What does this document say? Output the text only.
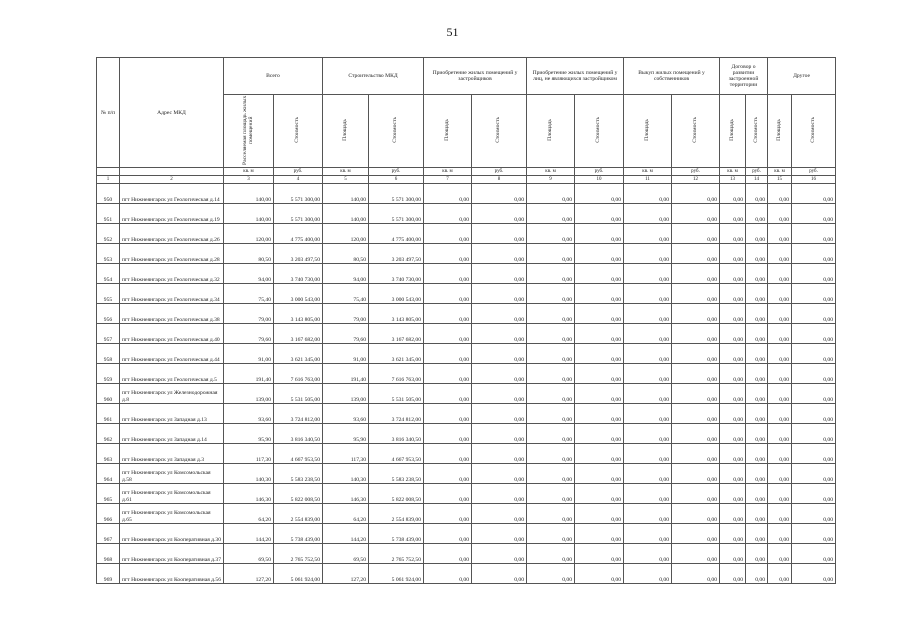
51
№ п/п	Адрес МКД	Всего		Строительство МКД		Приобретение жилых помещений у застройщиков		Приобретение жилых помещений у лиц, не являющихся застройщиком		Выкуп жилых помещений у собственников		Договор о развитии застроенной территории		Другое	
		Расселяемая площадь жилых помещений	Стоимость	Площадь	Стоимость	Площадь	Стоимость	Площадь	Стоимость	Площадь	Стоимость	Площадь	Стоимость	Площадь	Стоимость
		кв. м	руб.	кв. м	руб.	кв. м	руб.	кв. м	руб.	кв. м	руб.	кв. м	руб.	кв. м	руб.
1	2	3	4	5	6	7	8	9	10	11	12	13	14	15	16
950	пгт Нижнеянгарск ул Геологическая д.14	140,00	5 571 300,00	140,00	5 571 300,00	0,00	0,00	0,00	0,00	0,00	0,00	0,00	0,00	0,00	0,00
951	пгт Нижнеянгарск ул Геологическая д.19	140,00	5 571 300,00	140,00	5 571 300,00	0,00	0,00	0,00	0,00	0,00	0,00	0,00	0,00	0,00	0,00
952	пгт Нижнеянгарск ул Геологическая д.26	120,00	4 775 400,00	120,00	4 775 400,00	0,00	0,00	0,00	0,00	0,00	0,00	0,00	0,00	0,00	0,00
953	пгт Нижнеянгарск ул Геологическая д.28	80,50	3 203 497,50	80,50	3 203 497,50	0,00	0,00	0,00	0,00	0,00	0,00	0,00	0,00	0,00	0,00
954	пгт Нижнеянгарск ул Геологическая д.32	94,00	3 740 730,00	94,00	3 740 730,00	0,00	0,00	0,00	0,00	0,00	0,00	0,00	0,00	0,00	0,00
955	пгт Нижнеянгарск ул Геологическая д.34	75,40	3 000 543,00	75,40	3 000 543,00	0,00	0,00	0,00	0,00	0,00	0,00	0,00	0,00	0,00	0,00
956	пгт Нижнеянгарск ул Геологическая д.38	79,00	3 143 805,00	79,00	3 143 805,00	0,00	0,00	0,00	0,00	0,00	0,00	0,00	0,00	0,00	0,00
957	пгт Нижнеянгарск ул Геологическая д.40	79,60	3 167 682,00	79,60	3 167 682,00	0,00	0,00	0,00	0,00	0,00	0,00	0,00	0,00	0,00	0,00
958	пгт Нижнеянгарск ул Геологическая д.44	91,00	3 621 345,00	91,00	3 621 345,00	0,00	0,00	0,00	0,00	0,00	0,00	0,00	0,00	0,00	0,00
959	пгт Нижнеянгарск ул Геологическая д.5	191,40	7 616 763,00	191,40	7 616 763,00	0,00	0,00	0,00	0,00	0,00	0,00	0,00	0,00	0,00	0,00
960	пгт Нижнеянгарск ул Железнодорожная д.8	139,00	5 531 505,00	139,00	5 531 505,00	0,00	0,00	0,00	0,00	0,00	0,00	0,00	0,00	0,00	0,00
961	пгт Нижнеянгарск ул Западная д.13	93,60	3 724 812,00	93,60	3 724 812,00	0,00	0,00	0,00	0,00	0,00	0,00	0,00	0,00	0,00	0,00
962	пгт Нижнеянгарск ул Западная д.14	95,90	3 816 340,50	95,90	3 816 340,50	0,00	0,00	0,00	0,00	0,00	0,00	0,00	0,00	0,00	0,00
963	пгт Нижнеянгарск ул Западная д.3	117,30	4 667 953,50	117,30	4 667 953,50	0,00	0,00	0,00	0,00	0,00	0,00	0,00	0,00	0,00	0,00
964	пгт Нижнеянгарск ул Комсомольская д.58	140,30	5 583 238,50	140,30	5 583 238,50	0,00	0,00	0,00	0,00	0,00	0,00	0,00	0,00	0,00	0,00
965	пгт Нижнеянгарск ул Комсомольская д.61	146,30	5 822 008,50	146,30	5 822 008,50	0,00	0,00	0,00	0,00	0,00	0,00	0,00	0,00	0,00	0,00
966	пгт Нижнеянгарск ул Комсомольская д.65	64,20	2 554 839,00	64,20	2 554 839,00	0,00	0,00	0,00	0,00	0,00	0,00	0,00	0,00	0,00	0,00
967	пгт Нижнеянгарск ул Кооперативная д.30	144,20	5 738 439,00	144,20	5 738 439,00	0,00	0,00	0,00	0,00	0,00	0,00	0,00	0,00	0,00	0,00
968	пгт Нижнеянгарск ул Кооперативная д.37	69,50	2 765 752,50	69,50	2 765 752,50	0,00	0,00	0,00	0,00	0,00	0,00	0,00	0,00	0,00	0,00
969	пгт Нижнеянгарск ул Кооперативная д.56	127,20	5 061 924,00	127,20	5 061 924,00	0,00	0,00	0,00	0,00	0,00	0,00	0,00	0,00	0,00	0,00
